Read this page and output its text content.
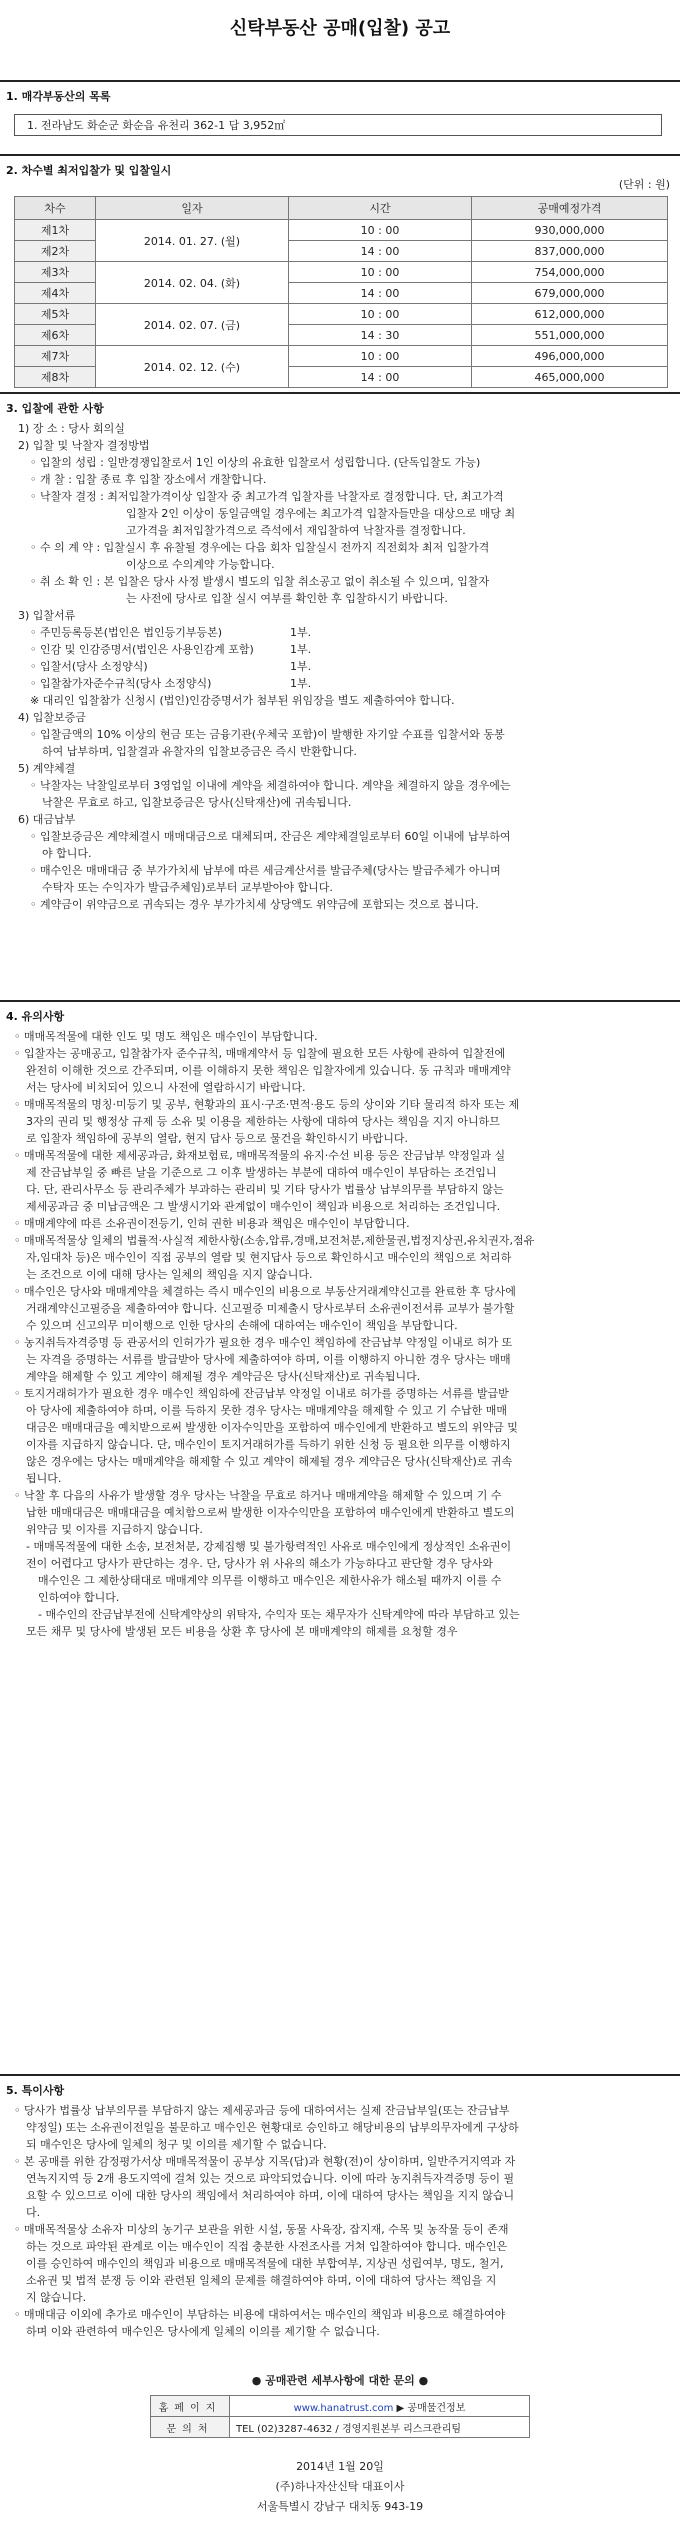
신탁부동산 공매(입찰) 공고
1. 매각부동산의 목록
1. 전라남도 화순군 화순읍 유천리 362-1 답 3,952㎡
2. 차수별 최저입찰가 및 입찰일시
(단위 : 원)
차수	일자	시간	공매예정가격
제1차	2014. 01. 27. (월)	10 : 00	930,000,000
제2차		14 : 00	837,000,000
제3차	2014. 02. 04. (화)	10 : 00	754,000,000
제4차		14 : 00	679,000,000
제5차	2014. 02. 07. (금)	10 : 00	612,000,000
제6차		14 : 30	551,000,000
제7차	2014. 02. 12. (수)	10 : 00	496,000,000
제8차		14 : 00	465,000,000
3. 입찰에 관한 사항
1) 장 소 : 당사 회의실
2) 입찰 및 낙찰자 결정방법
◦ 입찰의 성립 : 일반경쟁입찰로서 1인 이상의 유효한 입찰로서 성립합니다. (단독입찰도 가능)
◦ 개 찰 : 입찰 종료 후 입찰 장소에서 개찰합니다.
◦ 낙찰자 결정 : 최저입찰가격이상 입찰자 중 최고가격 입찰자를 낙찰자로 결정합니다. 단, 최고가격
입찰자 2인 이상이 동일금액일 경우에는 최고가격 입찰자들만을 대상으로 매당 최
고가격을 최저입찰가격으로 즉석에서 재입찰하여 낙찰자를 결정합니다.
◦ 수 의 계 약 : 입찰실시 후 유찰될 경우에는 다음 회차 입찰실시 전까지 직전회차 최저 입찰가격
이상으로 수의계약 가능합니다.
◦ 취 소 확 인 : 본 입찰은 당사 사정 발생시 별도의 입찰 취소공고 없이 취소될 수 있으며, 입찰자
는 사전에 당사로 입찰 실시 여부를 확인한 후 입찰하시기 바랍니다.
3) 입찰서류
◦ 주민등록등본(법인은 법인등기부등본)	1부.
◦ 인감 및 인감증명서(법인은 사용인감계 포함)	1부.
◦ 입찰서(당사 소정양식)	1부.
◦ 입찰참가자준수규칙(당사 소정양식)	1부.
※ 대리인 입찰참가 신청시 (법인)인감증명서가 첨부된 위임장을 별도 제출하여야 합니다.
4) 입찰보증금
◦ 입찰금액의 10% 이상의 현금 또는 금융기관(우체국 포함)이 발행한 자기앞 수표를 입찰서와 동봉
하여 납부하며, 입찰결과 유찰자의 입찰보증금은 즉시 반환합니다.
5) 계약체결
◦ 낙찰자는 낙찰일로부터 3영업일 이내에 계약을 체결하여야 합니다. 계약을 체결하지 않을 경우에는
낙찰은 무효로 하고, 입찰보증금은 당사(신탁재산)에 귀속됩니다.
6) 대금납부
◦ 입찰보증금은 계약체결시 매매대금으로 대체되며, 잔금은 계약체결일로부터 60일 이내에 납부하여
야 합니다.
◦ 매수인은 매매대금 중 부가가치세 납부에 따른 세금계산서를 발급주체(당사는 발급주체가 아니며
수탁자 또는 수익자가 발급주체임)로부터 교부받아야 합니다.
◦ 계약금이 위약금으로 귀속되는 경우 부가가치세 상당액도 위약금에 포함되는 것으로 봅니다.
4. 유의사항
◦ 매매목적물에 대한 인도 및 명도 책임은 매수인이 부담합니다.
◦ 입찰자는 공매공고, 입찰참가자 준수규칙, 매매계약서 등 입찰에 필요한 모든 사항에 관하여 입찰전에
완전히 이해한 것으로 간주되며, 이를 이해하지 못한 책임은 입찰자에게 있습니다. 동 규칙과 매매계약
서는 당사에 비치되어 있으니 사전에 열람하시기 바랍니다.
◦ 매매목적물의 명칭·미등기 및 공부, 현황과의 표시·구조·면적·용도 등의 상이와 기타 물리적 하자 또는 제
3자의 권리 및 행정상 규제 등 소유 및 이용을 제한하는 사항에 대하여 당사는 책임을 지지 아니하므
로 입찰자 책임하에 공부의 열람, 현지 답사 등으로 물건을 확인하시기 바랍니다.
◦ 매매목적물에 대한 제세공과금, 화재보험료, 매매목적물의 유지·수선 비용 등은 잔금납부 약정일과 실
제 잔금납부일 중 빠른 날을 기준으로 그 이후 발생하는 부분에 대하여 매수인이 부담하는 조건입니
다. 단, 관리사무소 등 관리주체가 부과하는 관리비 및 기타 당사가 법률상 납부의무를 부담하지 않는
제세공과금 중 미납금액은 그 발생시기와 관계없이 매수인이 책임과 비용으로 처리하는 조건입니다.
◦ 매매계약에 따른 소유권이전등기, 인허 권한 비용과 책임은 매수인이 부담합니다.
◦ 매매목적물상 일체의 법률적·사실적 제한사항(소송,압류,경매,보전처분,제한물권,법정지상권,유치권자,점유
자,임대차 등)은 매수인이 직접 공부의 열람 및 현지답사 등으로 확인하시고 매수인의 책임으로 처리하
는 조건으로 이에 대해 당사는 일체의 책임을 지지 않습니다.
◦ 매수인은 당사와 매매계약을 체결하는 즉시 매수인의 비용으로 부동산거래계약신고를 완료한 후 당사에
거래계약신고필증을 제출하여야 합니다. 신고필증 미제출시 당사로부터 소유권이전서류 교부가 불가할
수 있으며 신고의무 미이행으로 인한 당사의 손해에 대하여는 매수인이 책임을 부담합니다.
◦ 농지취득자격증명 등 관공서의 인허가가 필요한 경우 매수인 책임하에 잔금납부 약정일 이내로 허가 또
는 자격을 증명하는 서류를 발급받아 당사에 제출하여야 하며, 이를 이행하지 아니한 경우 당사는 매매
계약을 해제할 수 있고 계약이 해제될 경우 계약금은 당사(신탁재산)로 귀속됩니다.
◦ 토지거래허가가 필요한 경우 매수인 책임하에 잔금납부 약정일 이내로 허가를 증명하는 서류를 발급받
아 당사에 제출하여야 하며, 이를 득하지 못한 경우 당사는 매매계약을 해제할 수 있고 기 수납한 매매
대금은 매매대금을 예치받으로써 발생한 이자수익만을 포함하여 매수인에게 반환하고 별도의 위약금 및
이자를 지급하지 않습니다. 단, 매수인이 토지거래허가를 득하기 위한 신청 등 필요한 의무를 이행하지
않은 경우에는 당사는 매매계약을 해제할 수 있고 계약이 해제될 경우 계약금은 당사(신탁재산)로 귀속
됩니다.
◦ 낙찰 후 다음의 사유가 발생할 경우 당사는 낙찰을 무효로 하거나 매매계약을 해제할 수 있으며 기 수
납한 매매대금은 매매대금을 예치함으로써 발생한 이자수익만을 포함하여 매수인에게 반환하고 별도의
위약금 및 이자를 지급하지 않습니다.
- 매매목적물에 대한 소송, 보전처분, 강제집행 및 불가항력적인 사유로 매수인에게 정상적인 소유권이
전이 어렵다고 당사가 판단하는 경우. 단, 당사가 위 사유의 해소가 가능하다고 판단할 경우 당사와
매수인은 그 제한상태대로 매매계약 의무를 이행하고 매수인은 제한사유가 해소될 때까지 이를 수
인하여야 합니다.
- 매수인의 잔금납부전에 신탁계약상의 위탁자, 수익자 또는 채무자가 신탁계약에 따라 부담하고 있는
모든 채무 및 당사에 발생된 모든 비용을 상환 후 당사에 본 매매계약의 해제를 요청할 경우
5. 특이사항
◦ 당사가 법률상 납부의무를 부담하지 않는 제세공과금 등에 대하여서는 실제 잔금납부일(또는 잔금납부
약정일) 또는 소유권이전일을 불문하고 매수인은 현황대로 승인하고 해당비용의 납부의무자에게 구상하
되 매수인은 당사에 일체의 청구 및 이의를 제기할 수 없습니다.
◦ 본 공매를 위한 감정평가서상 매매목적물이 공부상 지목(답)과 현황(전)이 상이하며, 일반주거지역과 자
연녹지지역 등 2개 용도지역에 걸쳐 있는 것으로 파악되었습니다. 이에 따라 농지취득자격증명 등이 필
요할 수 있으므로 이에 대한 당사의 책임에서 처리하여야 하며, 이에 대하여 당사는 책임을 지지 않습니
다.
◦ 매매목적물상 소유자 미상의 농기구 보관을 위한 시설, 동물 사육장, 잡지재, 수목 및 농작물 등이 존재
하는 것으로 파악된 관계로 이는 매수인이 직접 충분한 사전조사를 거쳐 입찰하여야 합니다. 매수인은
이를 승인하여 매수인의 책임과 비용으로 매매목적물에 대한 부합여부, 지상권 성립여부, 명도, 철거,
소유권 및 법적 분쟁 등 이와 관련된 일체의 문제를 해결하여야 하며, 이에 대하여 당사는 책임을 지
지 않습니다.
◦ 매매대금 이외에 추가로 매수인이 부담하는 비용에 대하여서는 매수인의 책임과 비용으로 해결하여야
하며 이와 관련하여 매수인은 당사에게 일체의 이의를 제기할 수 없습니다.
● 공매관련 세부사항에 대한 문의 ●
홈페이지	www.hanatrust.com ▶ 공매물건정보
문의처	TEL (02)3287-4632 / 경영지원본부 리스크관리팀
2014년 1월 20일
(주)하나자산신탁 대표이사
서울특별시 강남구 대치동 943-19
